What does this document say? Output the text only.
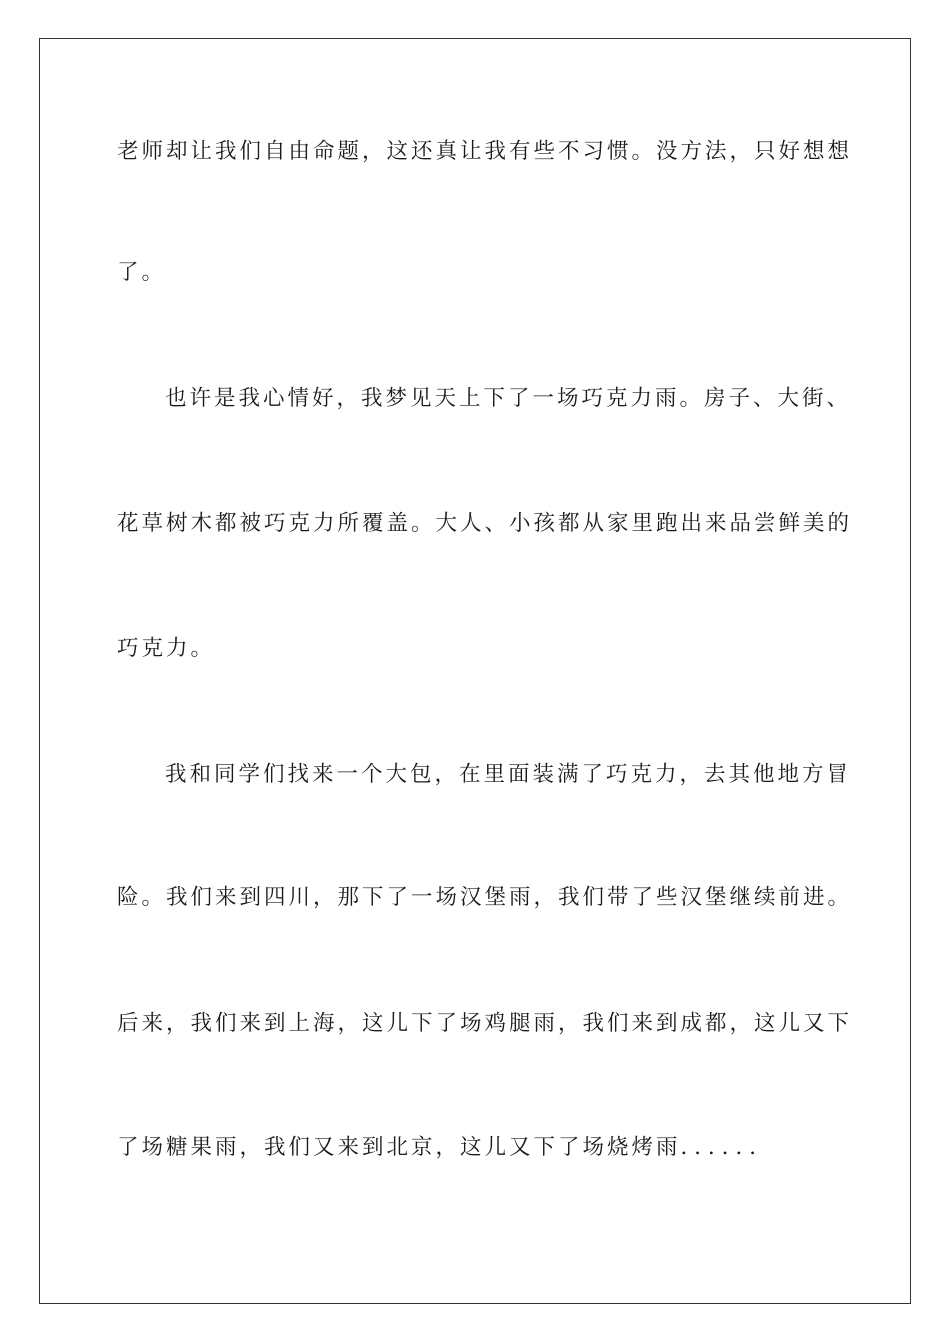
老师却让我们自由命题，这还真让我有些不习惯。没方法，只好想想
了。
也许是我心情好，我梦见天上下了一场巧克力雨。房子、大街、
花草树木都被巧克力所覆盖。大人、小孩都从家里跑出来品尝鲜美的
巧克力。
我和同学们找来一个大包，在里面装满了巧克力，去其他地方冒
险。我们来到四川，那下了一场汉堡雨，我们带了些汉堡继续前进。
后来，我们来到上海，这儿下了场鸡腿雨，我们来到成都，这儿又下
了场糖果雨，我们又来到北京，这儿又下了场烧烤雨．．．．．．
